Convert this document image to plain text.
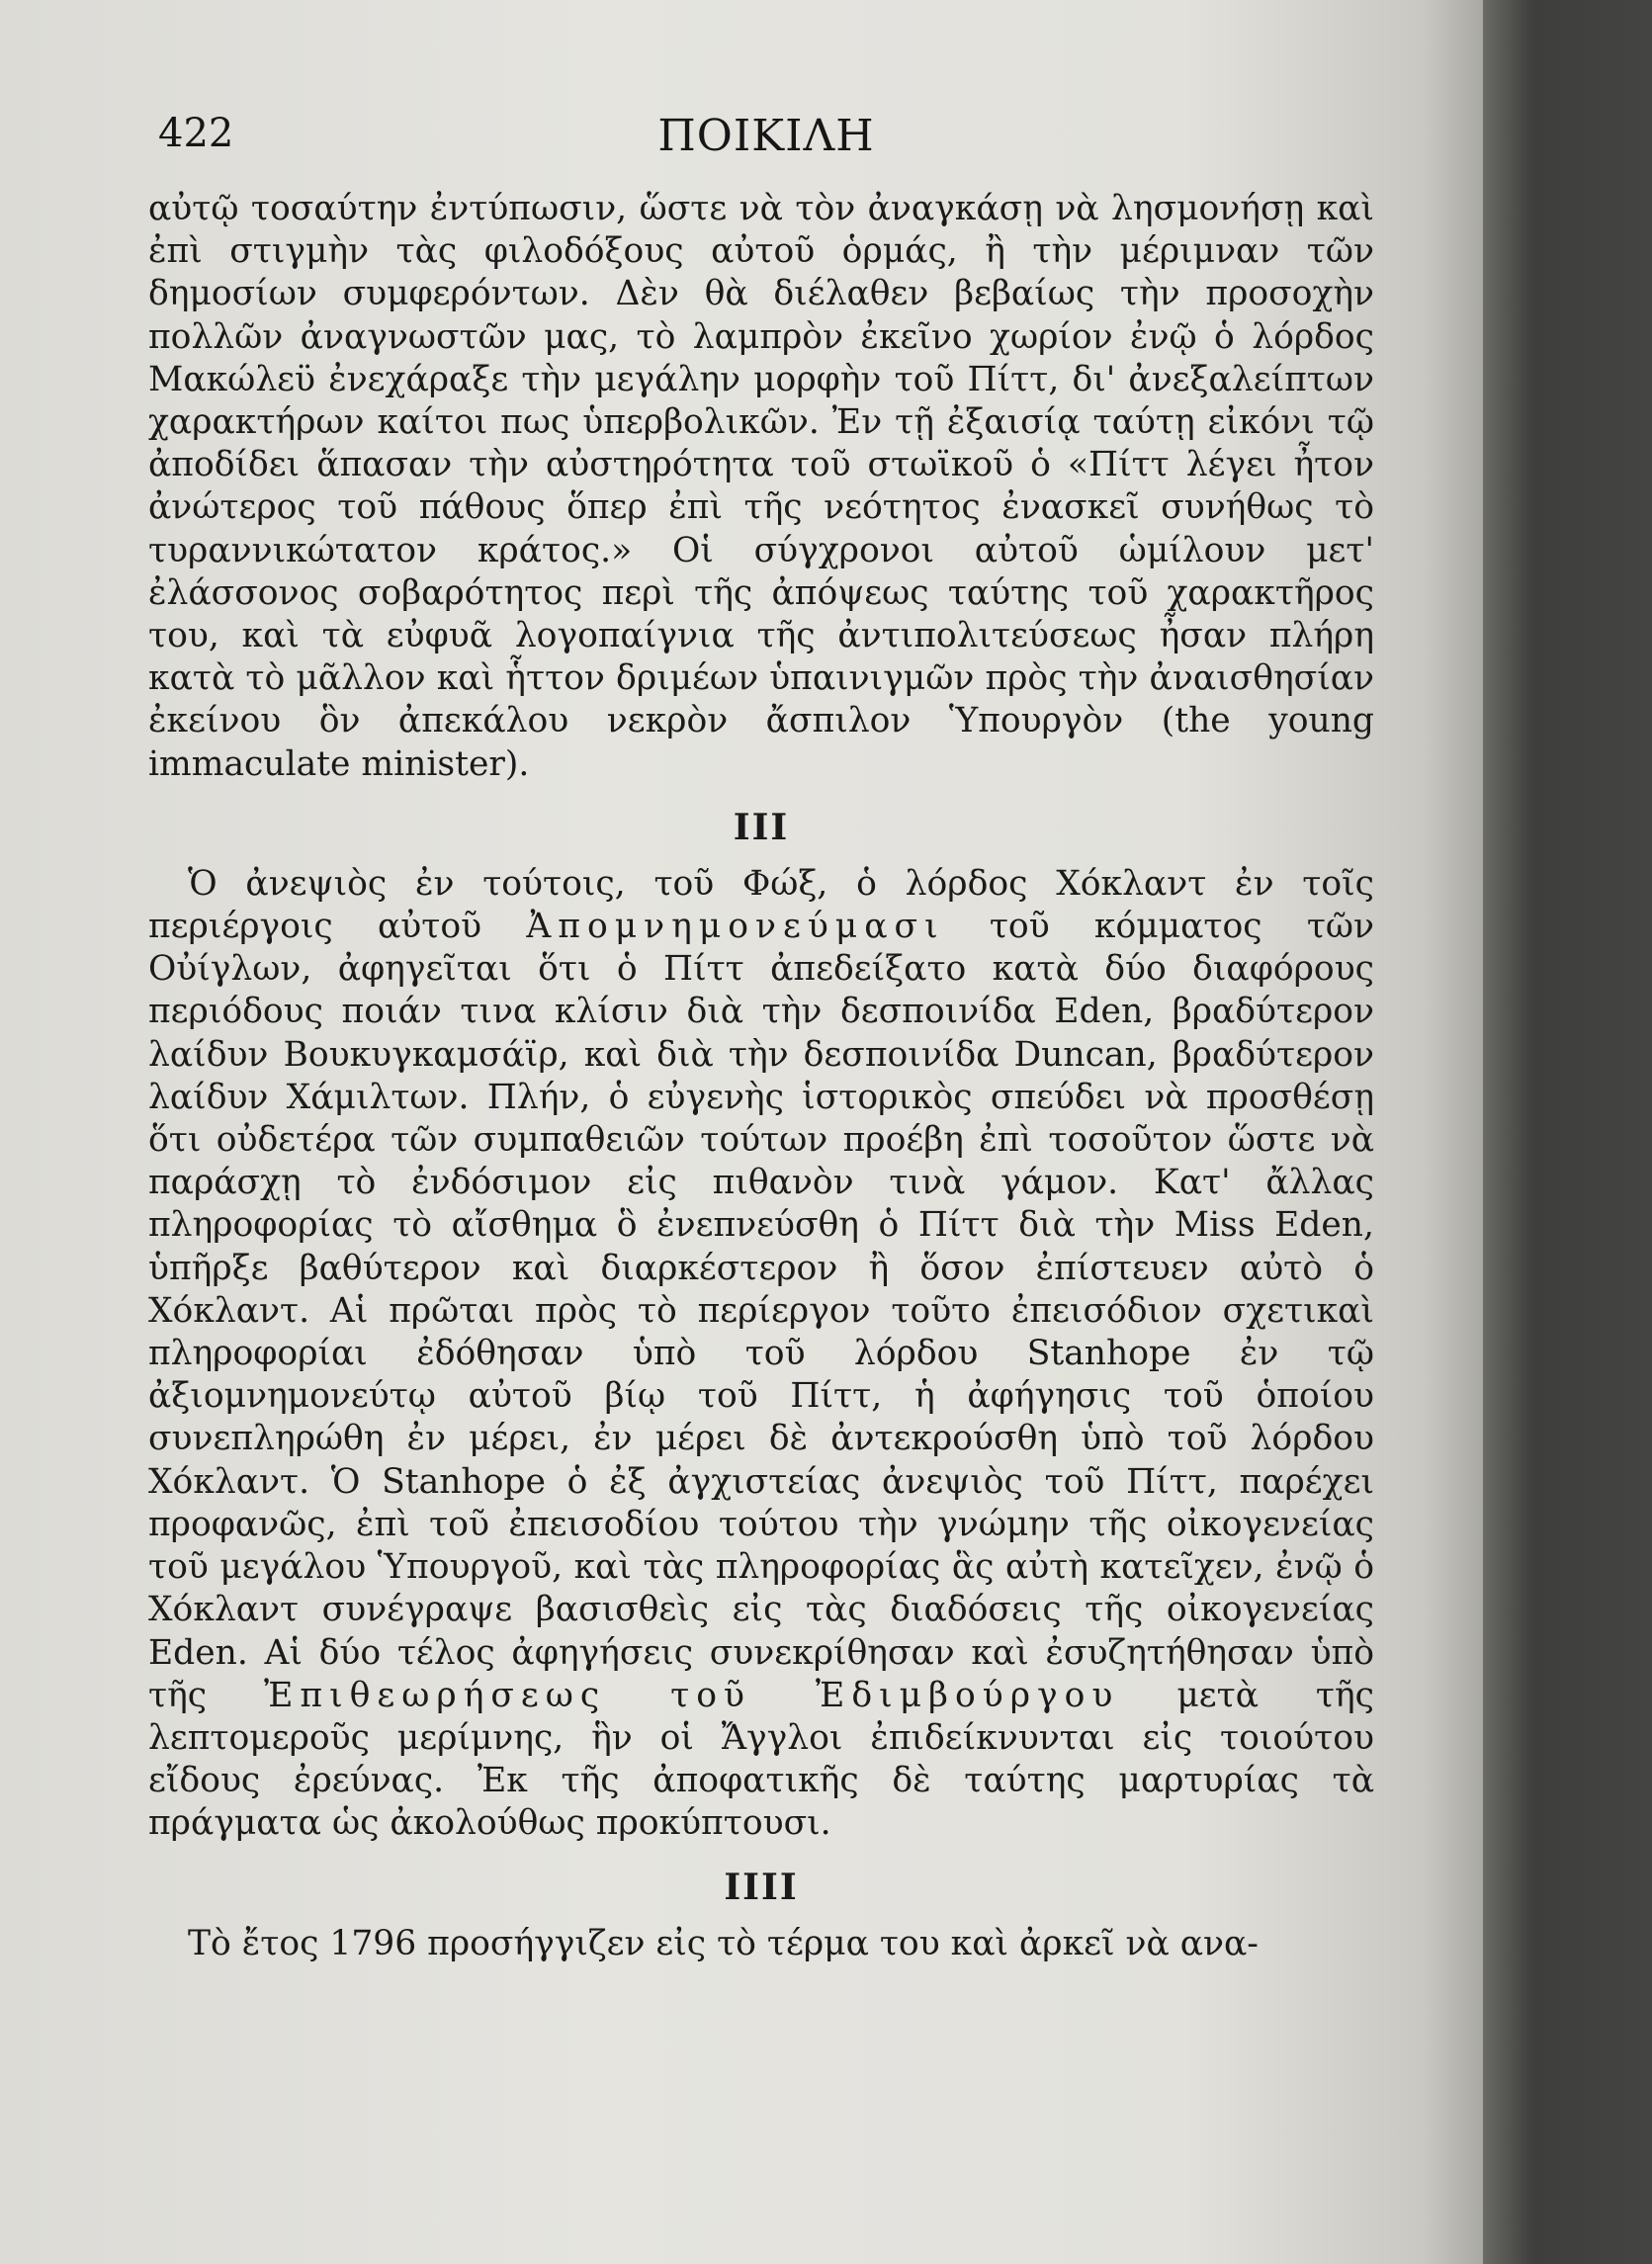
422	ΠΟΙΚΙΛΗ

αὐτῷ τοσαύτην ἐντύπωσιν, ὥστε νὰ τὸν ἀναγκάσῃ νὰ λησμονήσῃ καὶ ἐπὶ στιγμὴν τὰς φιλοδόξους αὐτοῦ ὁρμάς, ἢ τὴν μέριμναν τῶν δημοσίων συμφερόντων. Δὲν θὰ διέλαθεν βεβαίως τὴν προσοχὴν πολλῶν ἀναγνωστῶν μας, τὸ λαμπρὸν ἐκεῖνο χωρίον ἐνῷ ὁ λόρδος Μακώλεϋ ἐνεχάραξε τὴν μεγάλην μορφὴν τοῦ Πίττ, δι' ἀνεξαλείπτων χαρακτήρων καίτοι πως ὑπερβολικῶν. Ἐν τῇ ἐξαισίᾳ ταύτῃ εἰκόνι τῷ ἀποδίδει ἅπασαν τὴν αὐστηρότητα τοῦ στωϊκοῦ ὁ «Πίττ λέγει ἦτον ἀνώτερος τοῦ πάθους ὅπερ ἐπὶ τῆς νεότητος ἐνασκεῖ συνήθως τὸ τυραννικώτατον κράτος.» Οἱ σύγχρονοι αὐτοῦ ὡμίλουν μετ' ἐλάσσονος σοβαρότητος περὶ τῆς ἀπόψεως ταύτης τοῦ χαρακτῆρος του, καὶ τὰ εὐφυᾶ λογοπαίγνια τῆς ἀντιπολιτεύσεως ἦσαν πλήρη κατὰ τὸ μᾶλλον καὶ ἧττον δριμέων ὑπαινιγμῶν πρὸς τὴν ἀναισθησίαν ἐκείνου ὃν ἀπεκάλου νεκρὸν ἄσπιλον Ὑπουργὸν (the young immaculate minister).

III

Ὁ ἀνεψιὸς ἐν τούτοις, τοῦ Φώξ, ὁ λόρδος Χόκλαντ ἐν τοῖς περιέργοις αὐτοῦ Ἀπομνημονεύμασι τοῦ κόμματος τῶν Οὐίγλων, ἀφηγεῖται ὅτι ὁ Πίττ ἀπεδείξατο κατὰ δύο διαφόρους περιόδους ποιάν τινα κλίσιν διὰ τὴν δεσποινίδα Eden, βραδύτερον λαίδυν Βουκυγκαμσάϊρ, καὶ διὰ τὴν δεσποινίδα Duncan, βραδύτερον λαίδυν Χάμιλτων. Πλήν, ὁ εὐγενὴς ἱστορικὸς σπεύδει νὰ προσθέσῃ ὅτι οὐδετέρα τῶν συμπαθειῶν τούτων προέβη ἐπὶ τοσοῦτον ὥστε νὰ παράσχῃ τὸ ἐνδόσιμον εἰς πιθανὸν τινὰ γάμον. Κατ' ἄλλας πληροφορίας τὸ αἴσθημα ὃ ἐνεπνεύσθη ὁ Πίττ διὰ τὴν Miss Eden, ὑπῆρξε βαθύτερον καὶ διαρκέστερον ἢ ὅσον ἐπίστευεν αὐτὸ ὁ Χόκλαντ. Αἱ πρῶται πρὸς τὸ περίεργον τοῦτο ἐπεισόδιον σχετικαὶ πληροφορίαι ἐδόθησαν ὑπὸ τοῦ λόρδου Stanhope ἐν τῷ ἀξιομνημονεύτῳ αὐτοῦ βίῳ τοῦ Πίττ, ἡ ἀφήγησις τοῦ ὁποίου συνεπληρώθη ἐν μέρει, ἐν μέρει δὲ ἀντεκρούσθη ὑπὸ τοῦ λόρδου Χόκλαντ. Ὁ Stanhope ὁ ἐξ ἀγχιστείας ἀνεψιὸς τοῦ Πίττ, παρέχει προφανῶς, ἐπὶ τοῦ ἐπεισοδίου τούτου τὴν γνώμην τῆς οἰκογενείας τοῦ μεγάλου Ὑπουργοῦ, καὶ τὰς πληροφορίας ἃς αὐτὴ κατεῖχεν, ἐνῷ ὁ Χόκλαντ συνέγραψε βασισθεὶς εἰς τὰς διαδόσεις τῆς οἰκογενείας Eden. Αἱ δύο τέλος ἀφηγήσεις συνεκρίθησαν καὶ ἐσυζητήθησαν ὑπὸ τῆς Ἐπιθεωρήσεως τοῦ Ἐδιμβούργου μετὰ τῆς λεπτομεροῦς μερίμνης, ἣν οἱ Ἄγγλοι ἐπιδείκνυνται εἰς τοιούτου εἴδους ἐρεύνας. Ἐκ τῆς ἀποφατικῆς δὲ ταύτης μαρτυρίας τὰ πράγματα ὡς ἀκολούθως προκύπτουσι.

IIII

Τὸ ἔτος 1796 προσήγγιζεν εἰς τὸ τέρμα του καὶ ἀρκεῖ νὰ ανα-
